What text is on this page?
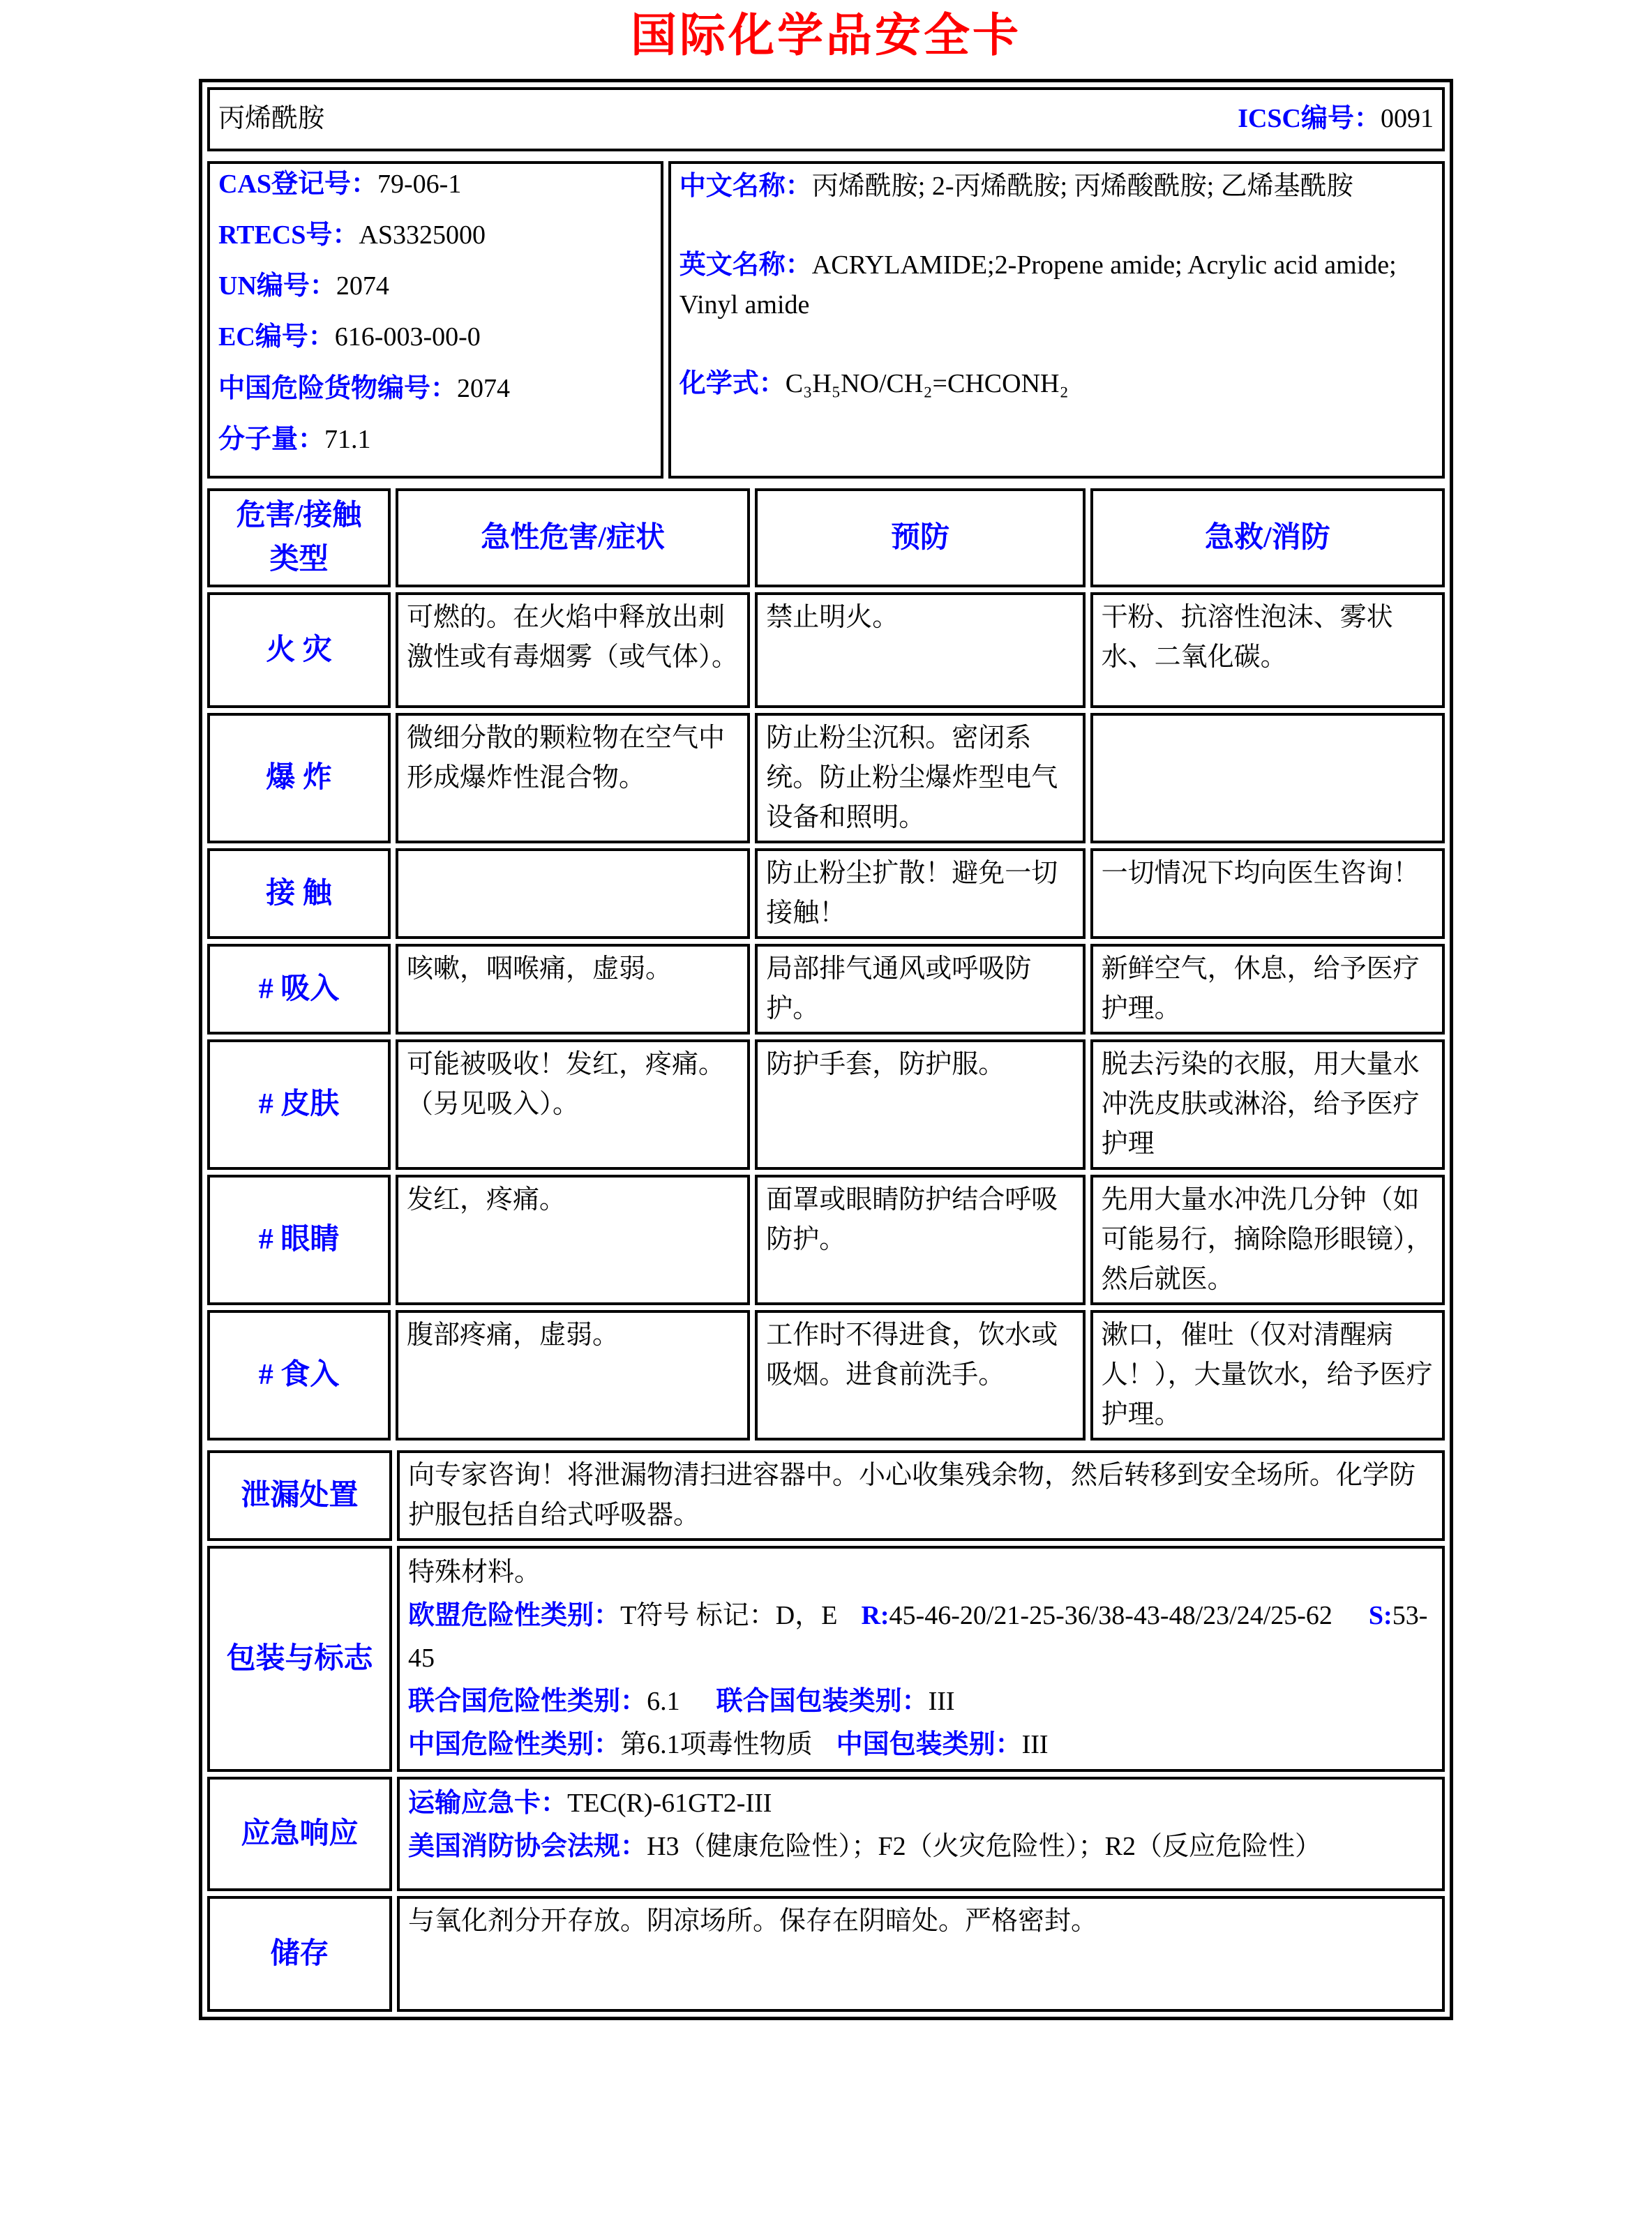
国际化学品安全卡
丙烯酰胺	ICSC编号：0091

CAS登记号：79-06-1

RTECS号：AS3325000

UN编号：2074

EC编号：616-003-00-0

中国危险货物编号：2074

分子量：71.1

中文名称：丙烯酰胺; 2-丙烯酰胺; 丙烯酸酰胺; 乙烯基酰胺

英文名称：ACRYLAMIDE;2-Propene amide; Acrylic acid amide; Vinyl amide

化学式：C₃H₅NO/CH₂=CHCONH₂

危害/接触 类型	急性危害/症状	预防	急救/消防
火 灾	可燃的。在火焰中释放出刺激性或有毒烟雾（或气体）。	禁止明火。	干粉、抗溶性泡沫、雾状水、二氧化碳。
爆 炸	微细分散的颗粒物在空气中形成爆炸性混合物。	防止粉尘沉积。密闭系统。防止粉尘爆炸型电气设备和照明。	
接 触		防止粉尘扩散！避免一切接触！	一切情况下均向医生咨询！
# 吸入	咳嗽，咽喉痛，虚弱。	局部排气通风或呼吸防护。	新鲜空气，休息，给予医疗护理。
# 皮肤	可能被吸收！发红，疼痛。（另见吸入）。	防护手套，防护服。	脱去污染的衣服，用大量水冲洗皮肤或淋浴，给予医疗护理
# 眼睛	发红，疼痛。	面罩或眼睛防护结合呼吸防护。	先用大量水冲洗几分钟（如可能易行，摘除隐形眼镜），然后就医。
# 食入	腹部疼痛，虚弱。	工作时不得进食，饮水或吸烟。进食前洗手。	漱口，催吐（仅对清醒病人！），大量饮水，给予医疗护理。
泄漏处置	向专家咨询！将泄漏物清扫进容器中。小心收集残余物，然后转移到安全场所。化学防护服包括自给式呼吸器。
包装与标志	特殊材料。

欧盟危险性类别：T符号 标记：D，E R:45-46-20/21-25-36/38-43-48/23/24/25-62 S:53-45

联合国危险性类别：6.1 联合国包装类别：III

中国危险性类别：第6.1项毒性物质 中国包装类别：III

应急响应	运输应急卡：TEC(R)-61GT2-III

美国消防协会法规：H3（健康危险性）；F2（火灾危险性）；R2（反应危险性）

储存	与氧化剂分开存放。阴凉场所。保存在阴暗处。严格密封。
